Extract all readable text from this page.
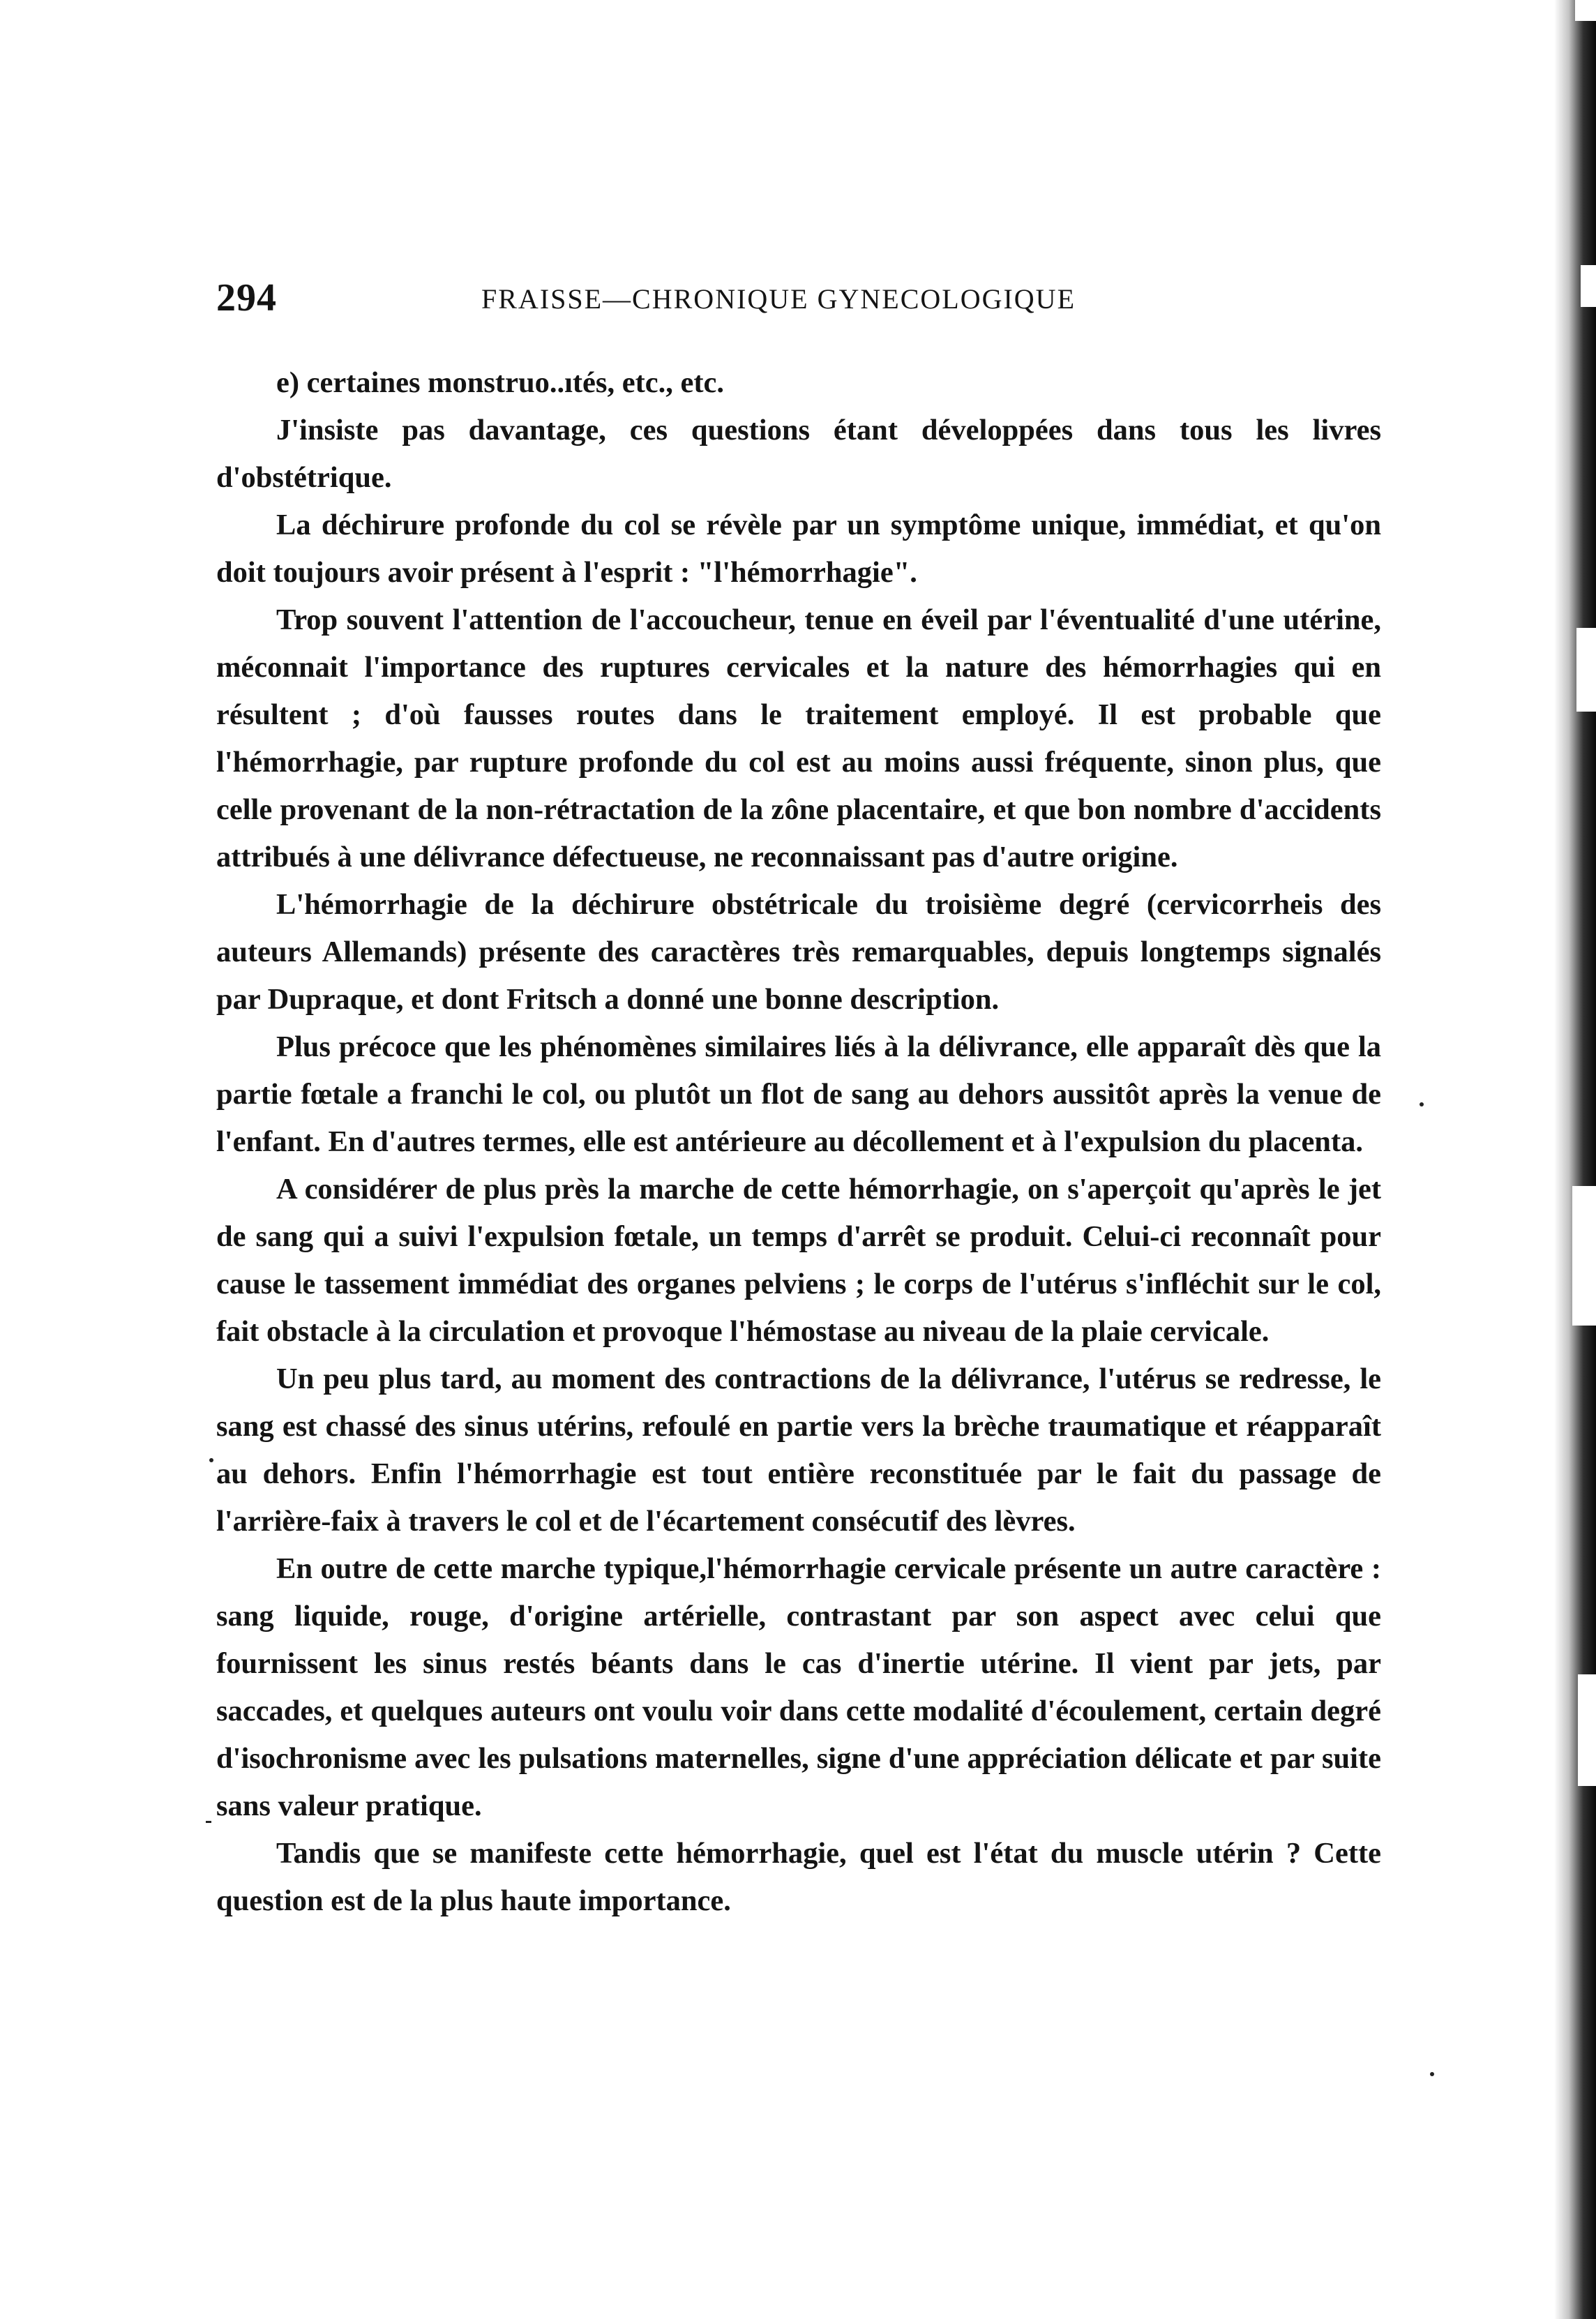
294	FRAISSE—CHRONIQUE GYNECOLOGIQUE

e) certaines monstruo..ıtés, etc., etc.

J'insiste pas davantage, ces questions étant développées dans tous les livres d'obstétrique.

La déchirure profonde du col se révèle par un symptôme unique, immédiat, et qu'on doit toujours avoir présent à l'esprit : "l'hémorrhagie".

Trop souvent l'attention de l'accoucheur, tenue en éveil par l'éventualité d'une utérine, méconnait l'importance des ruptures cervicales et la nature des hémorrhagies qui en résultent ; d'où fausses routes dans le traitement employé. Il est probable que l'hémorrhagie, par rupture profonde du col est au moins aussi fréquente, sinon plus, que celle provenant de la non-rétractation de la zône placentaire, et que bon nombre d'accidents attribués à une délivrance défectueuse, ne reconnaissant pas d'autre origine.

L'hémorrhagie de la déchirure obstétricale du troisième degré (cervicorrheis des auteurs Allemands) présente des caractères très remarquables, depuis longtemps signalés par Dupraque, et dont Fritsch a donné une bonne description.

Plus précoce que les phénomènes similaires liés à la délivrance, elle apparaît dès que la partie fœtale a franchi le col, ou plutôt un flot de sang au dehors aussitôt après la venue de l'enfant. En d'autres termes, elle est antérieure au décollement et à l'expulsion du placenta.

A considérer de plus près la marche de cette hémorrhagie, on s'aperçoit qu'après le jet de sang qui a suivi l'expulsion fœtale, un temps d'arrêt se produit. Celui-ci reconnaît pour cause le tassement immédiat des organes pelviens ; le corps de l'utérus s'infléchit sur le col, fait obstacle à la circulation et provoque l'hémostase au niveau de la plaie cervicale.

Un peu plus tard, au moment des contractions de la délivrance, l'utérus se redresse, le sang est chassé des sinus utérins, refoulé en partie vers la brèche traumatique et réapparaît au dehors. Enfin l'hémorrhagie est tout entière reconstituée par le fait du passage de l'arrière-faix à travers le col et de l'écartement consécutif des lèvres.

En outre de cette marche typique,l'hémorrhagie cervicale présente un autre caractère : sang liquide, rouge, d'origine artérielle, contrastant par son aspect avec celui que fournissent les sinus restés béants dans le cas d'inertie utérine. Il vient par jets, par saccades, et quelques auteurs ont voulu voir dans cette modalité d'écoulement, certain degré d'isochronisme avec les pulsations maternelles, signe d'une appréciation délicate et par suite sans valeur pratique.

Tandis que se manifeste cette hémorrhagie, quel est l'état du muscle utérin ? Cette question est de la plus haute importance.
